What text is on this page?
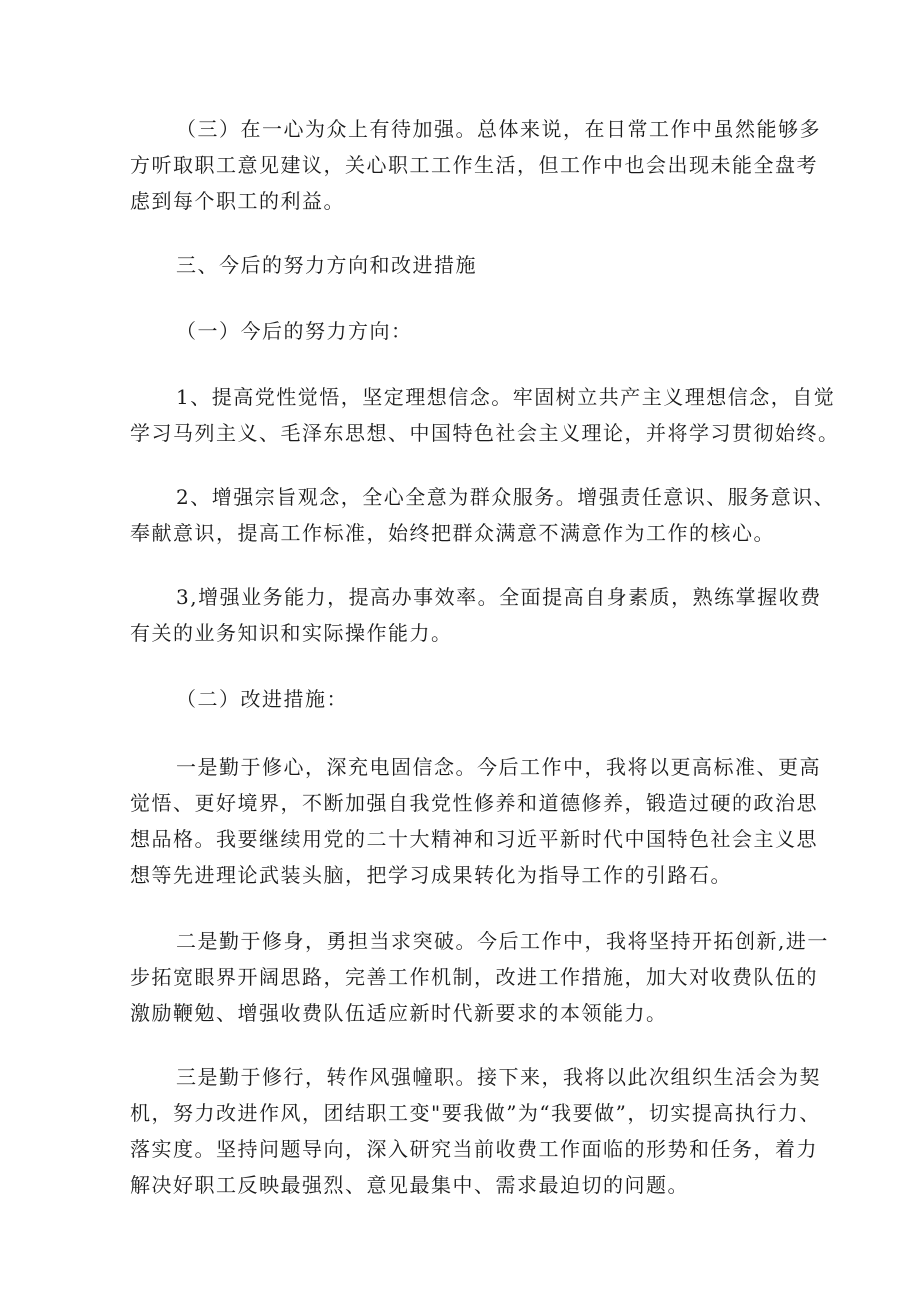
（三）在一心为众上有待加强。总体来说，在日常工作中虽然能够多
方听取职工意见建议，关心职工工作生活，但工作中也会出现未能全盘考
虑到每个职工的利益。

三、今后的努力方向和改进措施

（一）今后的努力方向：

1、提高党性觉悟，坚定理想信念。牢固树立共产主义理想信念，自觉
学习马列主义、毛泽东思想、中国特色社会主义理论，并将学习贯彻始终。

2、增强宗旨观念，全心全意为群众服务。增强责任意识、服务意识、
奉献意识，提高工作标准，始终把群众满意不满意作为工作的核心。

3,增强业务能力，提高办事效率。全面提高自身素质，熟练掌握收费
有关的业务知识和实际操作能力。

（二）改进措施：

一是勤于修心，深充电固信念。今后工作中，我将以更高标准、更高
觉悟、更好境界，不断加强自我党性修养和道德修养，锻造过硬的政治思
想品格。我要继续用党的二十大精神和习近平新时代中国特色社会主义思
想等先进理论武装头脑，把学习成果转化为指导工作的引路石。

二是勤于修身，勇担当求突破。今后工作中，我将坚持开拓创新,进一
步拓宽眼界开阔思路，完善工作机制，改进工作措施，加大对收费队伍的
激励鞭勉、增强收费队伍适应新时代新要求的本领能力。

三是勤于修行，转作风强幢职。接下来，我将以此次组织生活会为契
机，努力改进作风，团结职工变"要我做”为“我要做”，切实提高执行力、
落实度。坚持问题导向，深入研究当前收费工作面临的形势和任务，着力
解决好职工反映最强烈、意见最集中、需求最迫切的问题。
